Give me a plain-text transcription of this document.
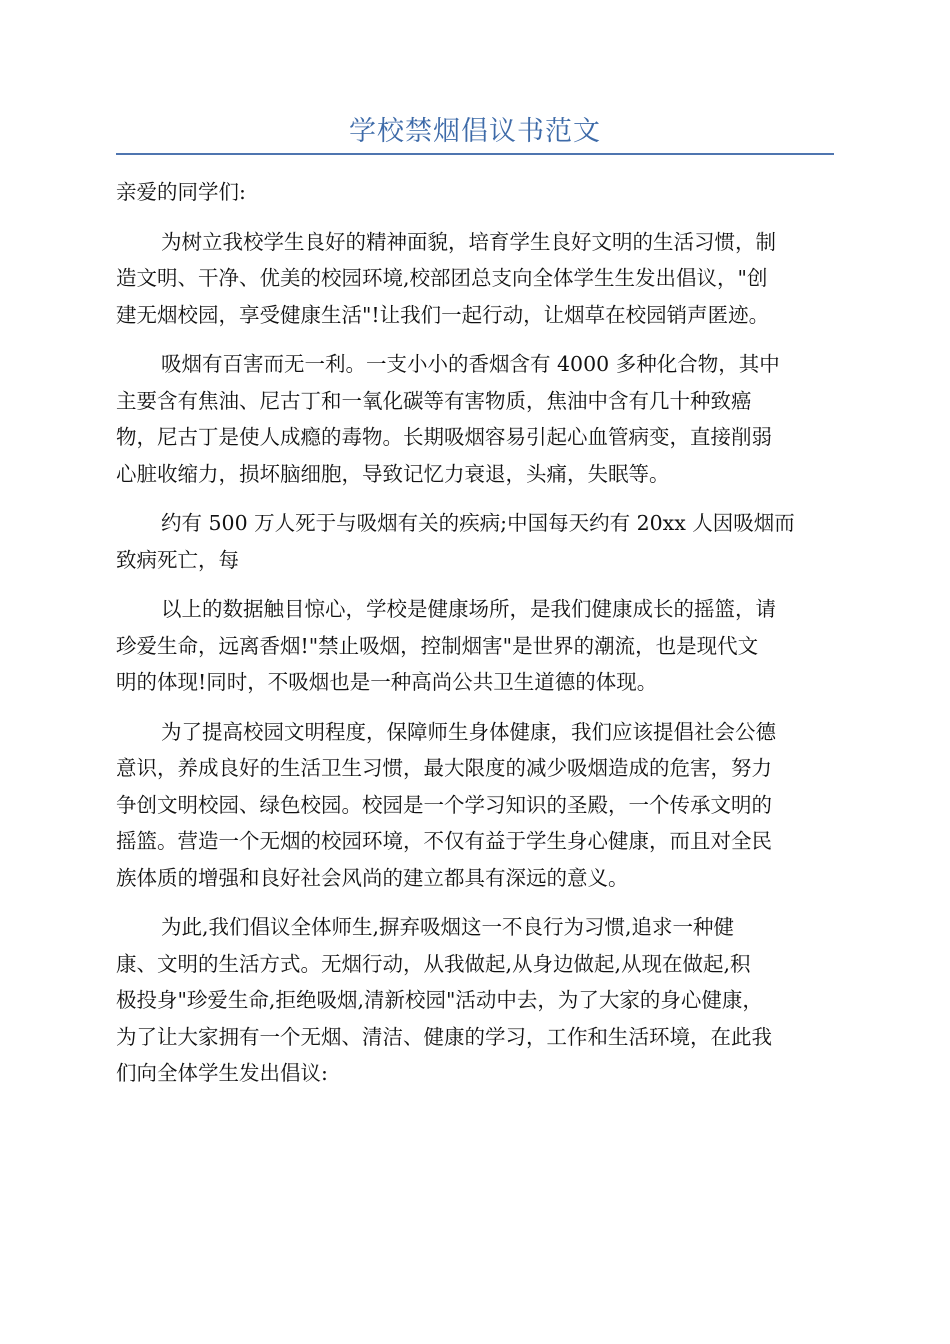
学校禁烟倡议书范文
亲爱的同学们:
为树立我校学生良好的精神面貌，培育学生良好文明的生活习惯，制
造文明、干净、优美的校园环境,校部团总支向全体学生生发出倡议，"创
建无烟校园，享受健康生活"!让我们一起行动，让烟草在校园销声匿迹。
吸烟有百害而无一利。一支小小的香烟含有 4000 多种化合物，其中
主要含有焦油、尼古丁和一氧化碳等有害物质，焦油中含有几十种致癌
物，尼古丁是使人成瘾的毒物。长期吸烟容易引起心血管病变，直接削弱
心脏收缩力，损坏脑细胞，导致记忆力衰退，头痛，失眠等。
约有 500 万人死于与吸烟有关的疾病;中国每天约有 20xx 人因吸烟而
致病死亡，每
以上的数据触目惊心，学校是健康场所，是我们健康成长的摇篮，请
珍爱生命，远离香烟!"禁止吸烟，控制烟害"是世界的潮流，也是现代文
明的体现!同时，不吸烟也是一种高尚公共卫生道德的体现。
为了提高校园文明程度，保障师生身体健康，我们应该提倡社会公德
意识，养成良好的生活卫生习惯，最大限度的减少吸烟造成的危害，努力
争创文明校园、绿色校园。校园是一个学习知识的圣殿，一个传承文明的
摇篮。营造一个无烟的校园环境，不仅有益于学生身心健康，而且对全民
族体质的增强和良好社会风尚的建立都具有深远的意义。
为此,我们倡议全体师生,摒弃吸烟这一不良行为习惯,追求一种健
康、文明的生活方式。无烟行动，从我做起,从身边做起,从现在做起,积
极投身"珍爱生命,拒绝吸烟,清新校园"活动中去，为了大家的身心健康，
为了让大家拥有一个无烟、清洁、健康的学习，工作和生活环境，在此我
们向全体学生发出倡议:
